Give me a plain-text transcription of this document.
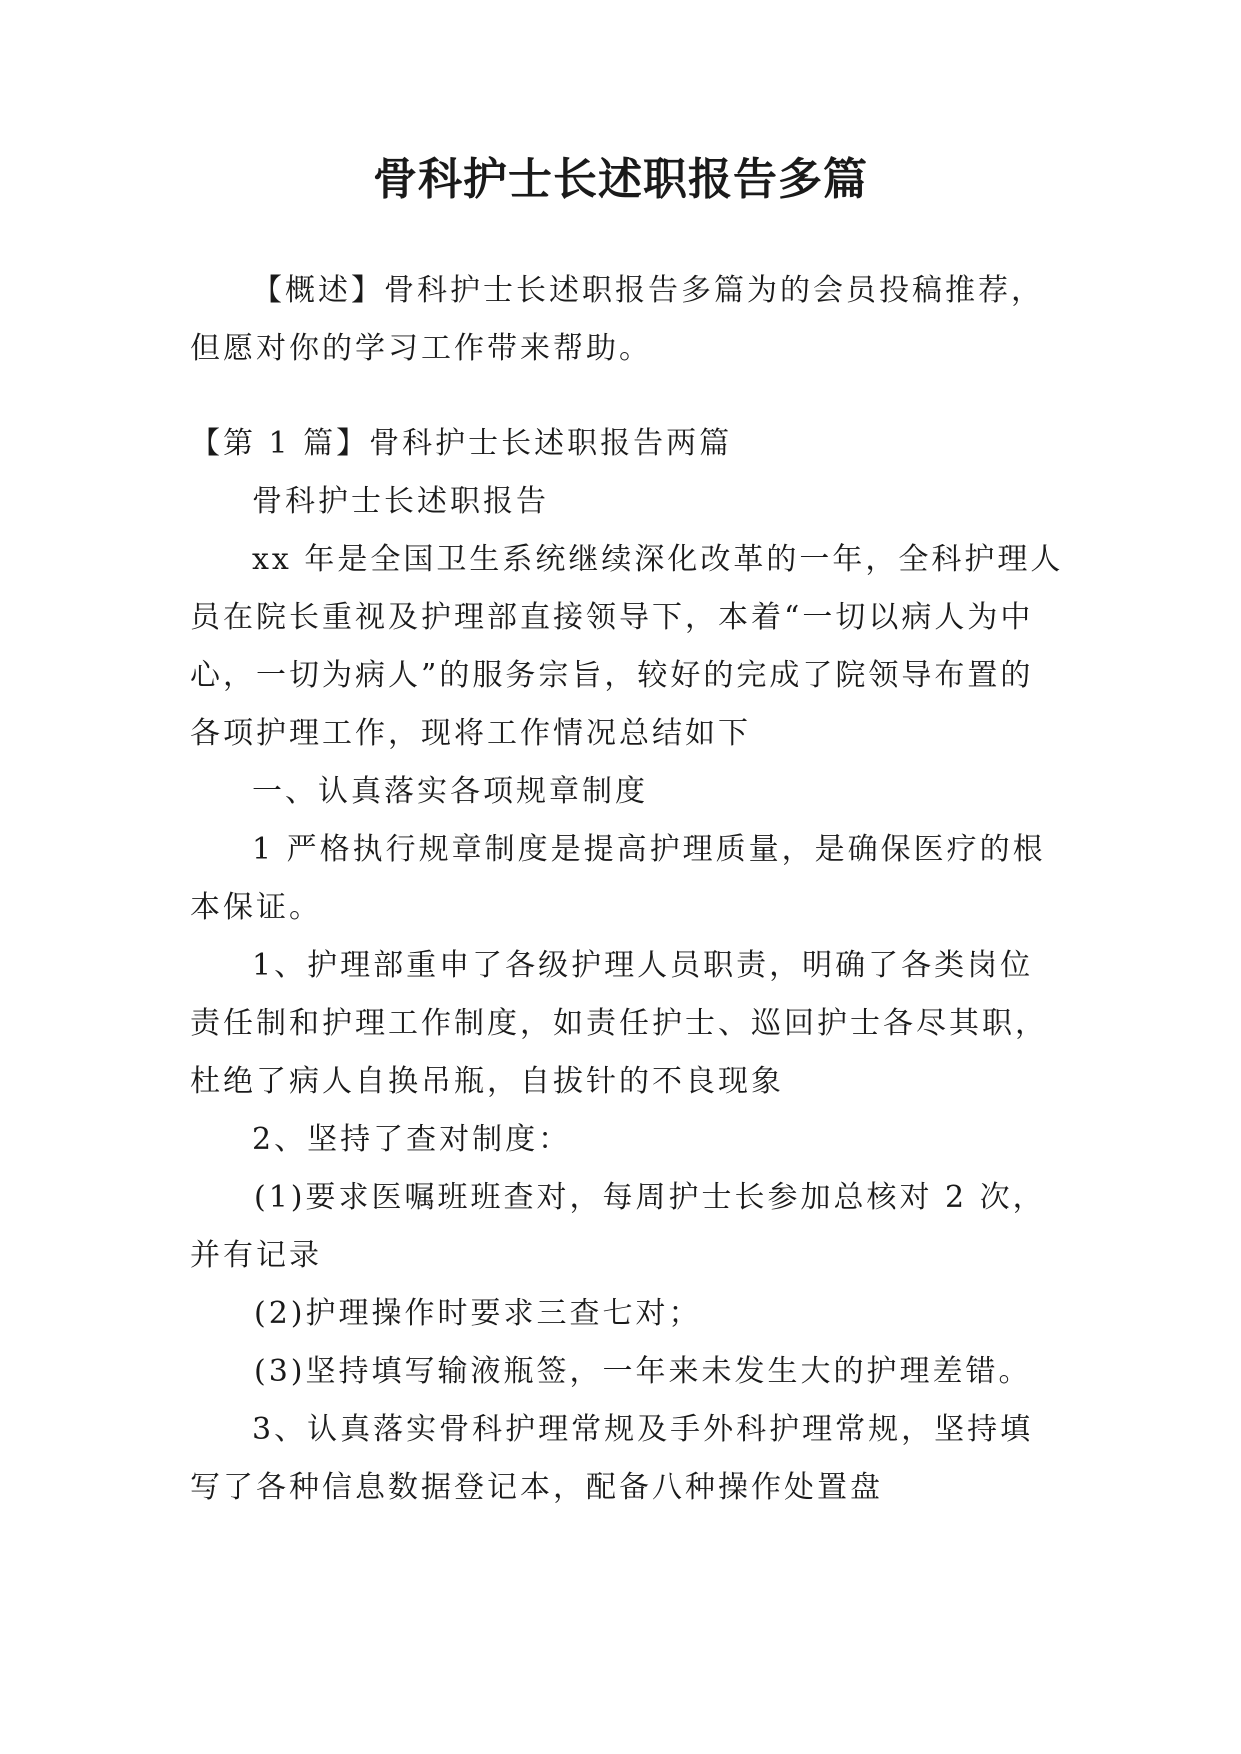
骨科护士长述职报告多篇
【概述】骨科护士长述职报告多篇为的会员投稿推荐，
但愿对你的学习工作带来帮助。
【第 1 篇】骨科护士长述职报告两篇
骨科护士长述职报告
xx 年是全国卫生系统继续深化改革的一年，全科护理人
员在院长重视及护理部直接领导下，本着“一切以病人为中
心，一切为病人”的服务宗旨，较好的完成了院领导布置的
各项护理工作，现将工作情况总结如下
一、认真落实各项规章制度
1 严格执行规章制度是提高护理质量，是确保医疗的根
本保证。
1、护理部重申了各级护理人员职责，明确了各类岗位
责任制和护理工作制度，如责任护士、巡回护士各尽其职，
杜绝了病人自换吊瓶，自拔针的不良现象
2、坚持了查对制度：
(1)要求医嘱班班查对，每周护士长参加总核对 2 次，
并有记录
(2)护理操作时要求三查七对；
(3)坚持填写输液瓶签，一年来未发生大的护理差错。
3、认真落实骨科护理常规及手外科护理常规，坚持填
写了各种信息数据登记本，配备八种操作处置盘
